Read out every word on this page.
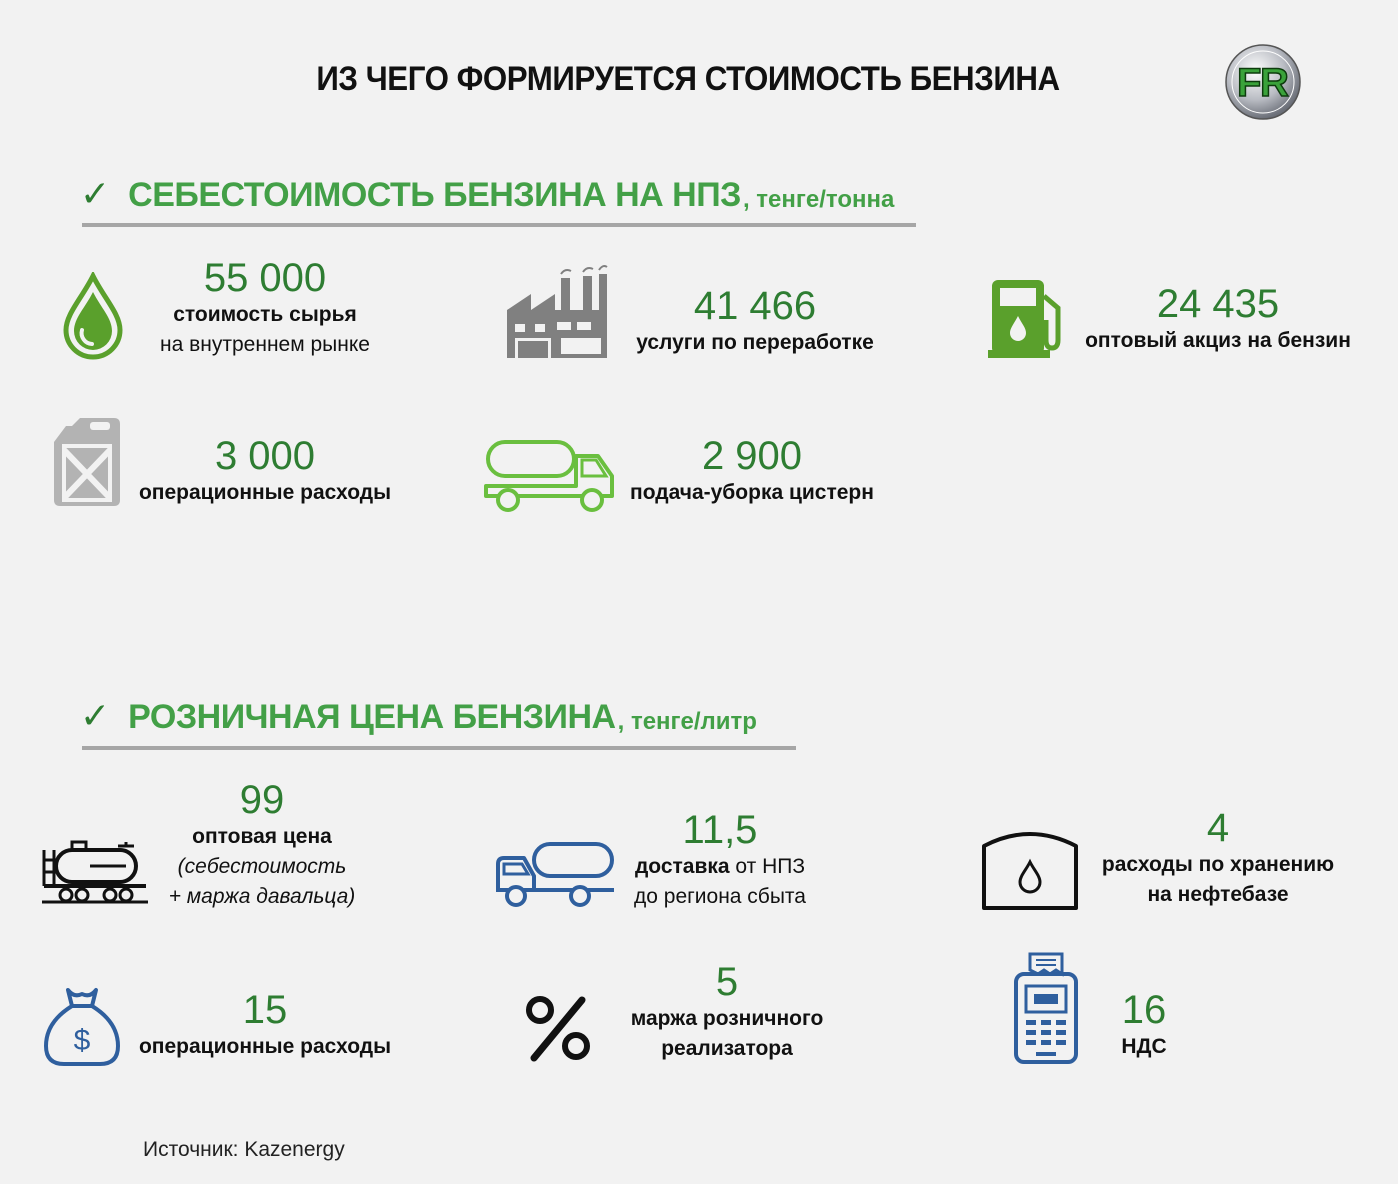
ИЗ ЧЕГО ФОРМИРУЕТСЯ СТОИМОСТЬ БЕНЗИНА	F
R
✓ СЕБЕСТОИМОСТЬ БЕНЗИНА НА НПЗ , тенге/тонна
55 000
стоимость сырья
на внутреннем рынке
41 466
услуги по переработке
24 435
оптовый акциз на бензин
3 000
операционные расходы
2 900
подача-уборка цистерн
✓ РОЗНИЧНАЯ ЦЕНА БЕНЗИНА , тенге/литр
$
99
оптовая цена
(себестоимость
+ маржа давальца)
11,5
доставка от НПЗ
до региона сбыта
4
расходы по хранению
на нефтебазе
15
операционные расходы
5
маржа розничного
реализатора
16
НДС
Источник: Kazenergy
